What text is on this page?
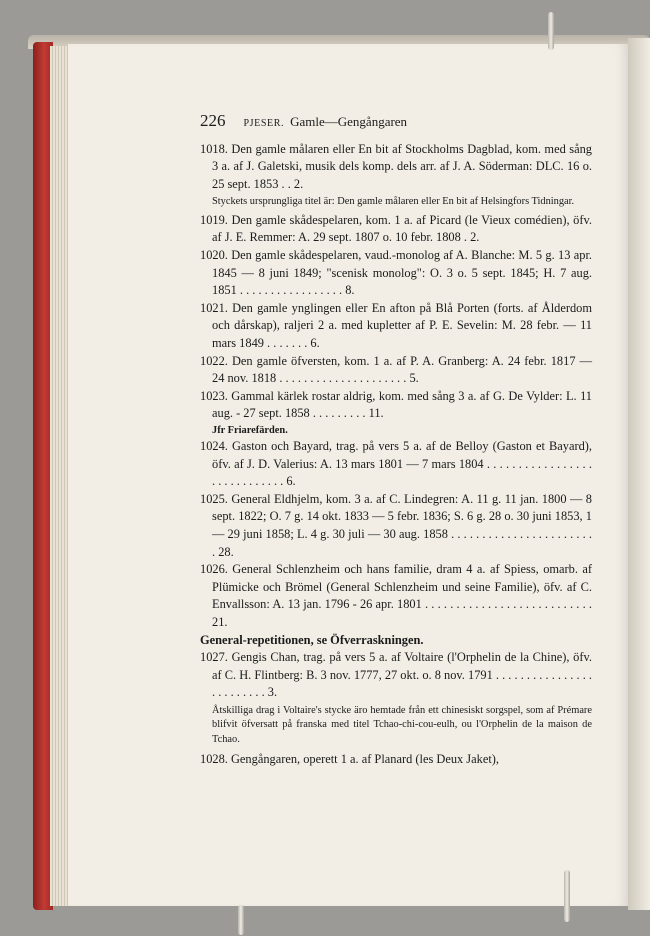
226 PJESER. Gamle—Gengångaren
1018. Den gamle målaren eller En bit af Stockholms Dagblad, kom. med sång 3 a. af J. Galetski, musik dels komp. dels arr. af J. A. Söderman: DLC. 16 o. 25 sept. 1853 . . 2.
Styckets ursprungliga titel är: Den gamle målaren eller En bit af Helsingfors Tidningar.
1019. Den gamle skådespelaren, kom. 1 a. af Picard (le Vieux comédien), öfv. af J. E. Remmer: A. 29 sept. 1807 o. 10 febr. 1808 . 2.
1020. Den gamle skådespelaren, vaud.-monolog af A. Blanche: M. 5 g. 13 apr. 1845 — 8 juni 1849; "scenisk monolog": O. 3 o. 5 sept. 1845; H. 7 aug. 1851 . . . . . . . . . . . . . . . . . 8.
1021. Den gamle ynglingen eller En afton på Blå Porten (forts. af Ålderdom och dårskap), raljeri 2 a. med kupletter af P. E. Sevelin: M. 28 febr. — 11 mars 1849 . . . . . . . 6.
1022. Den gamle öfversten, kom. 1 a. af P. A. Granberg: A. 24 febr. 1817 — 24 nov. 1818 . . . . . . . . . . . . . . . . . . . . . 5.
1023. Gammal kärlek rostar aldrig, kom. med sång 3 a. af G. De Vylder: L. 11 aug. - 27 sept. 1858 . . . . . . . . . 11.
Jfr Friarefärden.
1024. Gaston och Bayard, trag. på vers 5 a. af de Belloy (Gaston et Bayard), öfv. af J. D. Valerius: A. 13 mars 1801 — 7 mars 1804 . . . . . . . . . . . . . . . . . . . . . . . . . . . . . 6.
1025. General Eldhjelm, kom. 3 a. af C. Lindegren: A. 11 g. 11 jan. 1800 — 8 sept. 1822; O. 7 g. 14 okt. 1833 — 5 febr. 1836; S. 6 g. 28 o. 30 juni 1853, 1 — 29 juni 1858; L. 4 g. 30 juli — 30 aug. 1858 . . . . . . . . . . . . . . . . . . . . . . . . 28.
1026. General Schlenzheim och hans familie, dram 4 a. af Spiess, omarb. af Plümicke och Brömel (General Schlenzheim und seine Familie), öfv. af C. Envallsson: A. 13 jan. 1796 - 26 apr. 1801 . . . . . . . . . . . . . . . . . . . . . . . . . . . 21.
General-repetitionen, se Öfverraskningen.
1027. Gengis Chan, trag. på vers 5 a. af Voltaire (l'Orphelin de la Chine), öfv. af C. H. Flintberg: B. 3 nov. 1777, 27 okt. o. 8 nov. 1791 . . . . . . . . . . . . . . . . . . . . . . . . . 3.
Åtskilliga drag i Voltaire's stycke äro hemtade från ett chinesiskt sorgspel, som af Prémare blifvit öfversatt på franska med titel Tchao-chi-cou-eulh, ou l'Orphelin de la maison de Tchao.
1028. Gengångaren, operett 1 a. af Planard (les Deux Jaket),
